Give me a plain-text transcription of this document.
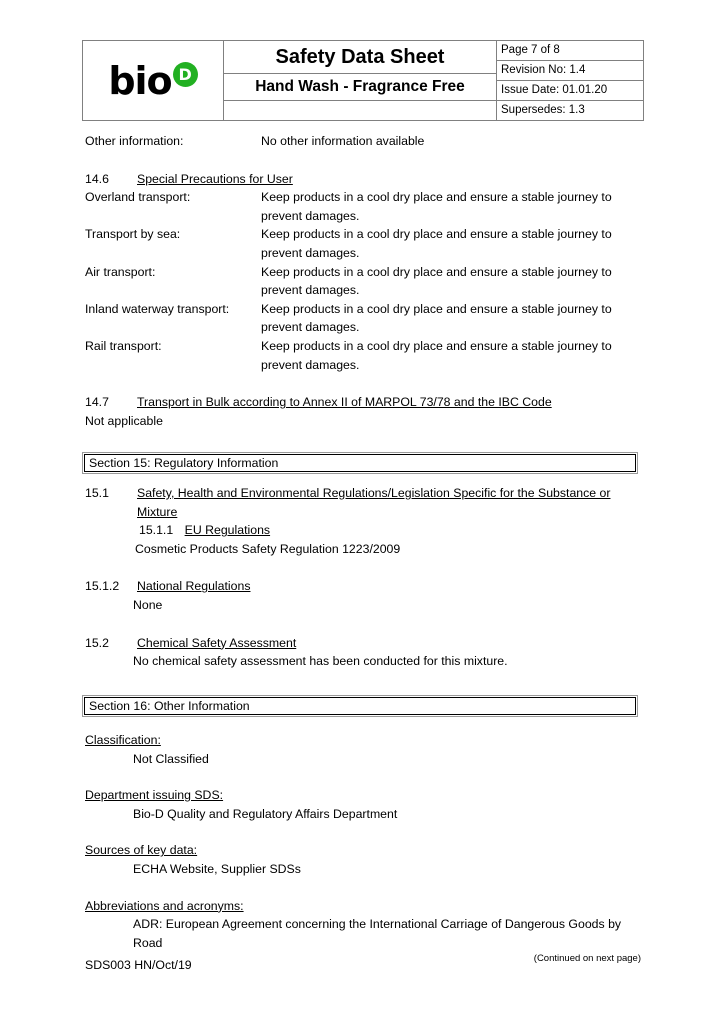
bio D

Safety Data Sheet
Hand Wash - Fragrance Free

	Page 7 of 8
Revision No: 1.4
Issue Date: 01.01.20
Supersedes: 1.3
Other information:	No other information available
14.6	Special Precautions for User
Overland transport:	Keep products in a cool dry place and ensure a stable journey to prevent damages.
Transport by sea:	Keep products in a cool dry place and ensure a stable journey to prevent damages.
Air transport:	Keep products in a cool dry place and ensure a stable journey to prevent damages.
Inland waterway transport:	Keep products in a cool dry place and ensure a stable journey to prevent damages.
Rail transport:	Keep products in a cool dry place and ensure a stable journey to prevent damages.
14.7	Transport in Bulk according to Annex II of MARPOL 73/78 and the IBC Code
Not applicable
Section 15: Regulatory Information
15.1	Safety, Health and Environmental Regulations/Legislation Specific for the Substance or Mixture
15.1.1 EU Regulations
Cosmetic Products Safety Regulation 1223/2009
15.1.2	National Regulations
None
15.2	Chemical Safety Assessment
No chemical safety assessment has been conducted for this mixture.
Section 16: Other Information
Classification:
Not Classified
Department issuing SDS:
Bio-D Quality and Regulatory Affairs Department
Sources of key data:
ECHA Website, Supplier SDSs
Abbreviations and acronyms:
ADR: European Agreement concerning the International Carriage of Dangerous Goods by Road
(Continued on next page)
SDS003 HN/Oct/19
